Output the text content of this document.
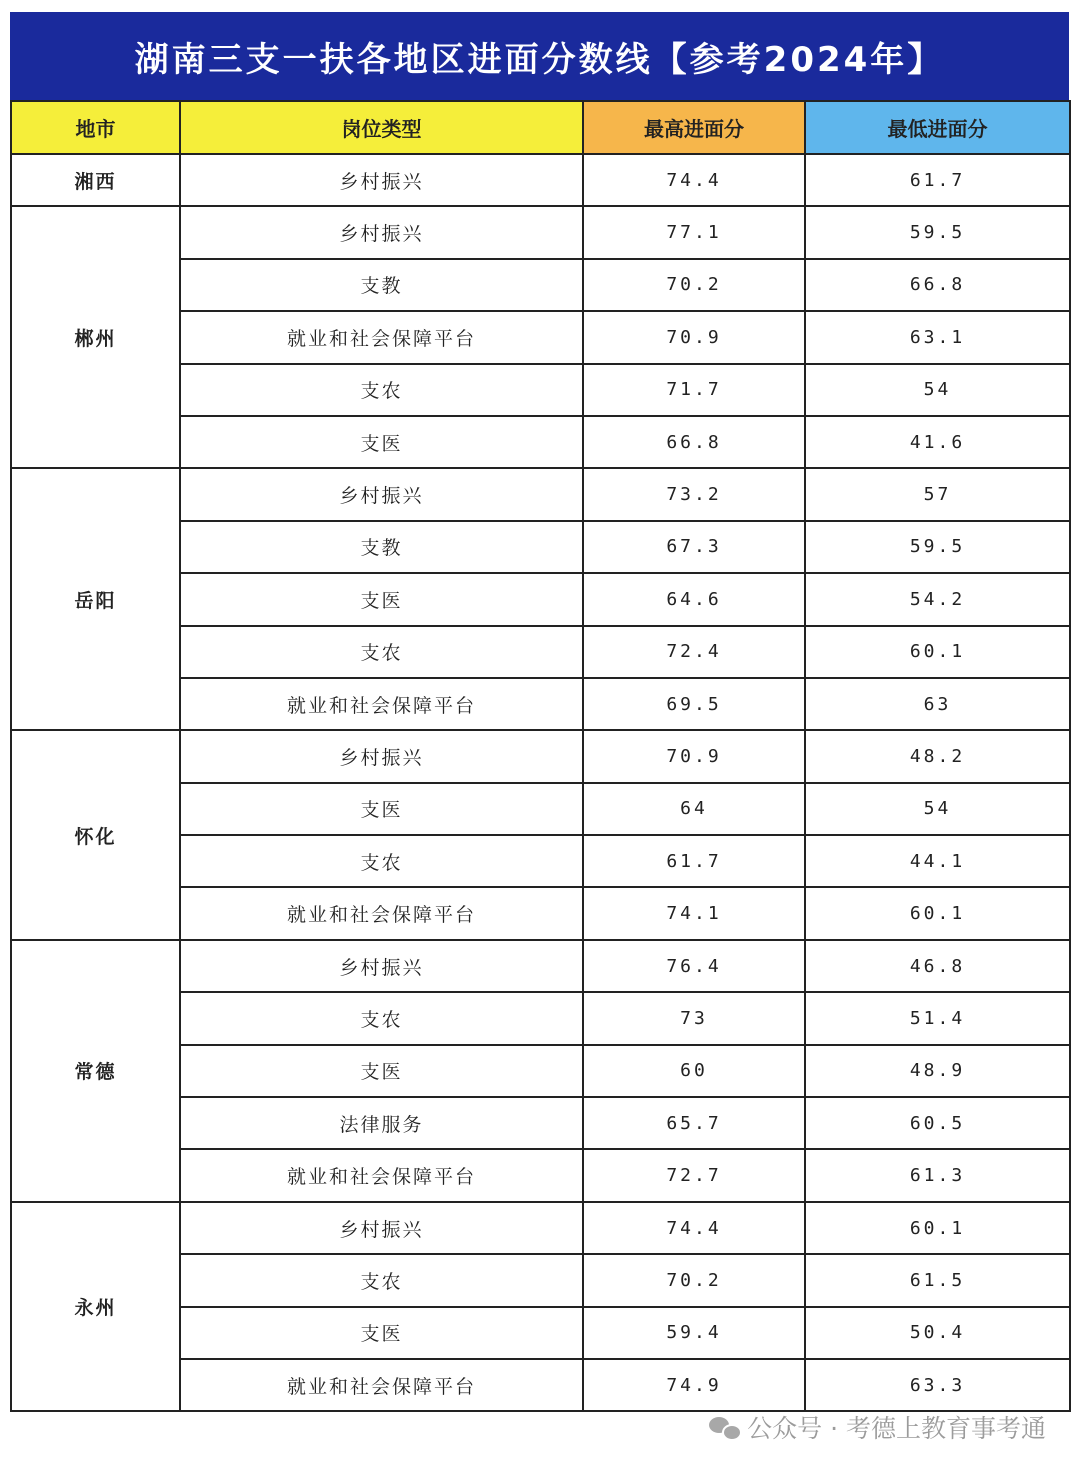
湖南三支一扶各地区进面分数线【参考2024年】
地市	岗位类型	最高进面分	最低进面分
湘西	乡村振兴	74.4	61.7
郴州	乡村振兴	77.1	59.5
	支教	70.2	66.8
	就业和社会保障平台	70.9	63.1
	支农	71.7	54
	支医	66.8	41.6
岳阳	乡村振兴	73.2	57
	支教	67.3	59.5
	支医	64.6	54.2
	支农	72.4	60.1
	就业和社会保障平台	69.5	63
怀化	乡村振兴	70.9	48.2
	支医	64	54
	支农	61.7	44.1
	就业和社会保障平台	74.1	60.1
常德	乡村振兴	76.4	46.8
	支农	73	51.4
	支医	60	48.9
	法律服务	65.7	60.5
	就业和社会保障平台	72.7	61.3
永州	乡村振兴	74.4	60.1
	支农	70.2	61.5
	支医	59.4	50.4
	就业和社会保障平台	74.9	63.3
公众号 · 考德上教育事考通
